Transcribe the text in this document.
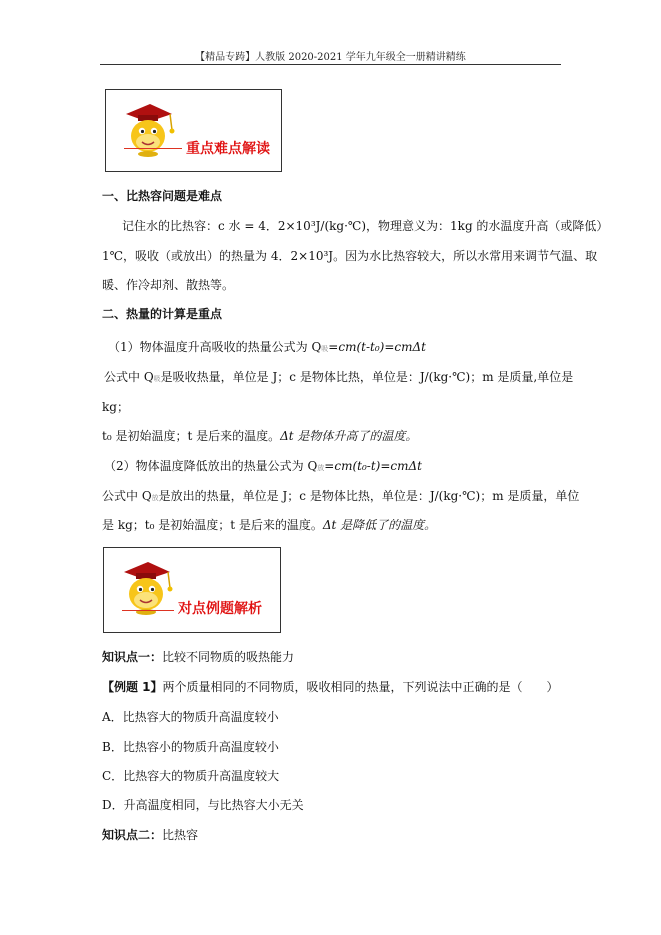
【精品专踌】人教版 2020-2021 学年九年级全一册精讲精练
重点难点解读
一、比热容问题是难点
记住水的比热容：c 水 = 4．2×10³J/(kg·℃)，物理意义为：1kg 的水温度升高（或降低）
1℃，吸收（或放出）的热量为 4．2×10³J。因为水比热容较大，所以水常用来调节气温、取
暖、作冷却剂、散热等。
二、热量的计算是重点
（1）物体温度升高吸收的热量公式为 Q吸=cm(t-t₀)=cmΔt
公式中 Q吸是吸收热量，单位是 J；c 是物体比热，单位是：J/(kg·℃)；m 是质量,单位是
kg；
t₀ 是初始温度；t 是后来的温度。Δt 是物体升高了的温度。
（2）物体温度降低放出的热量公式为 Q放=cm(t₀-t)=cmΔt
公式中 Q放是放出的热量，单位是 J；c 是物体比热，单位是：J/(kg·℃)；m 是质量，单位
是 kg；t₀ 是初始温度；t 是后来的温度。Δt 是降低了的温度。
对点例题解析
知识点一：比较不同物质的吸热能力
【例题 1】两个质量相同的不同物质，吸收相同的热量，下列说法中正确的是（　　）
A．比热容大的物质升高温度较小
B．比热容小的物质升高温度较小
C．比热容大的物质升高温度较大
D．升高温度相同，与比热容大小无关
知识点二：比热容
